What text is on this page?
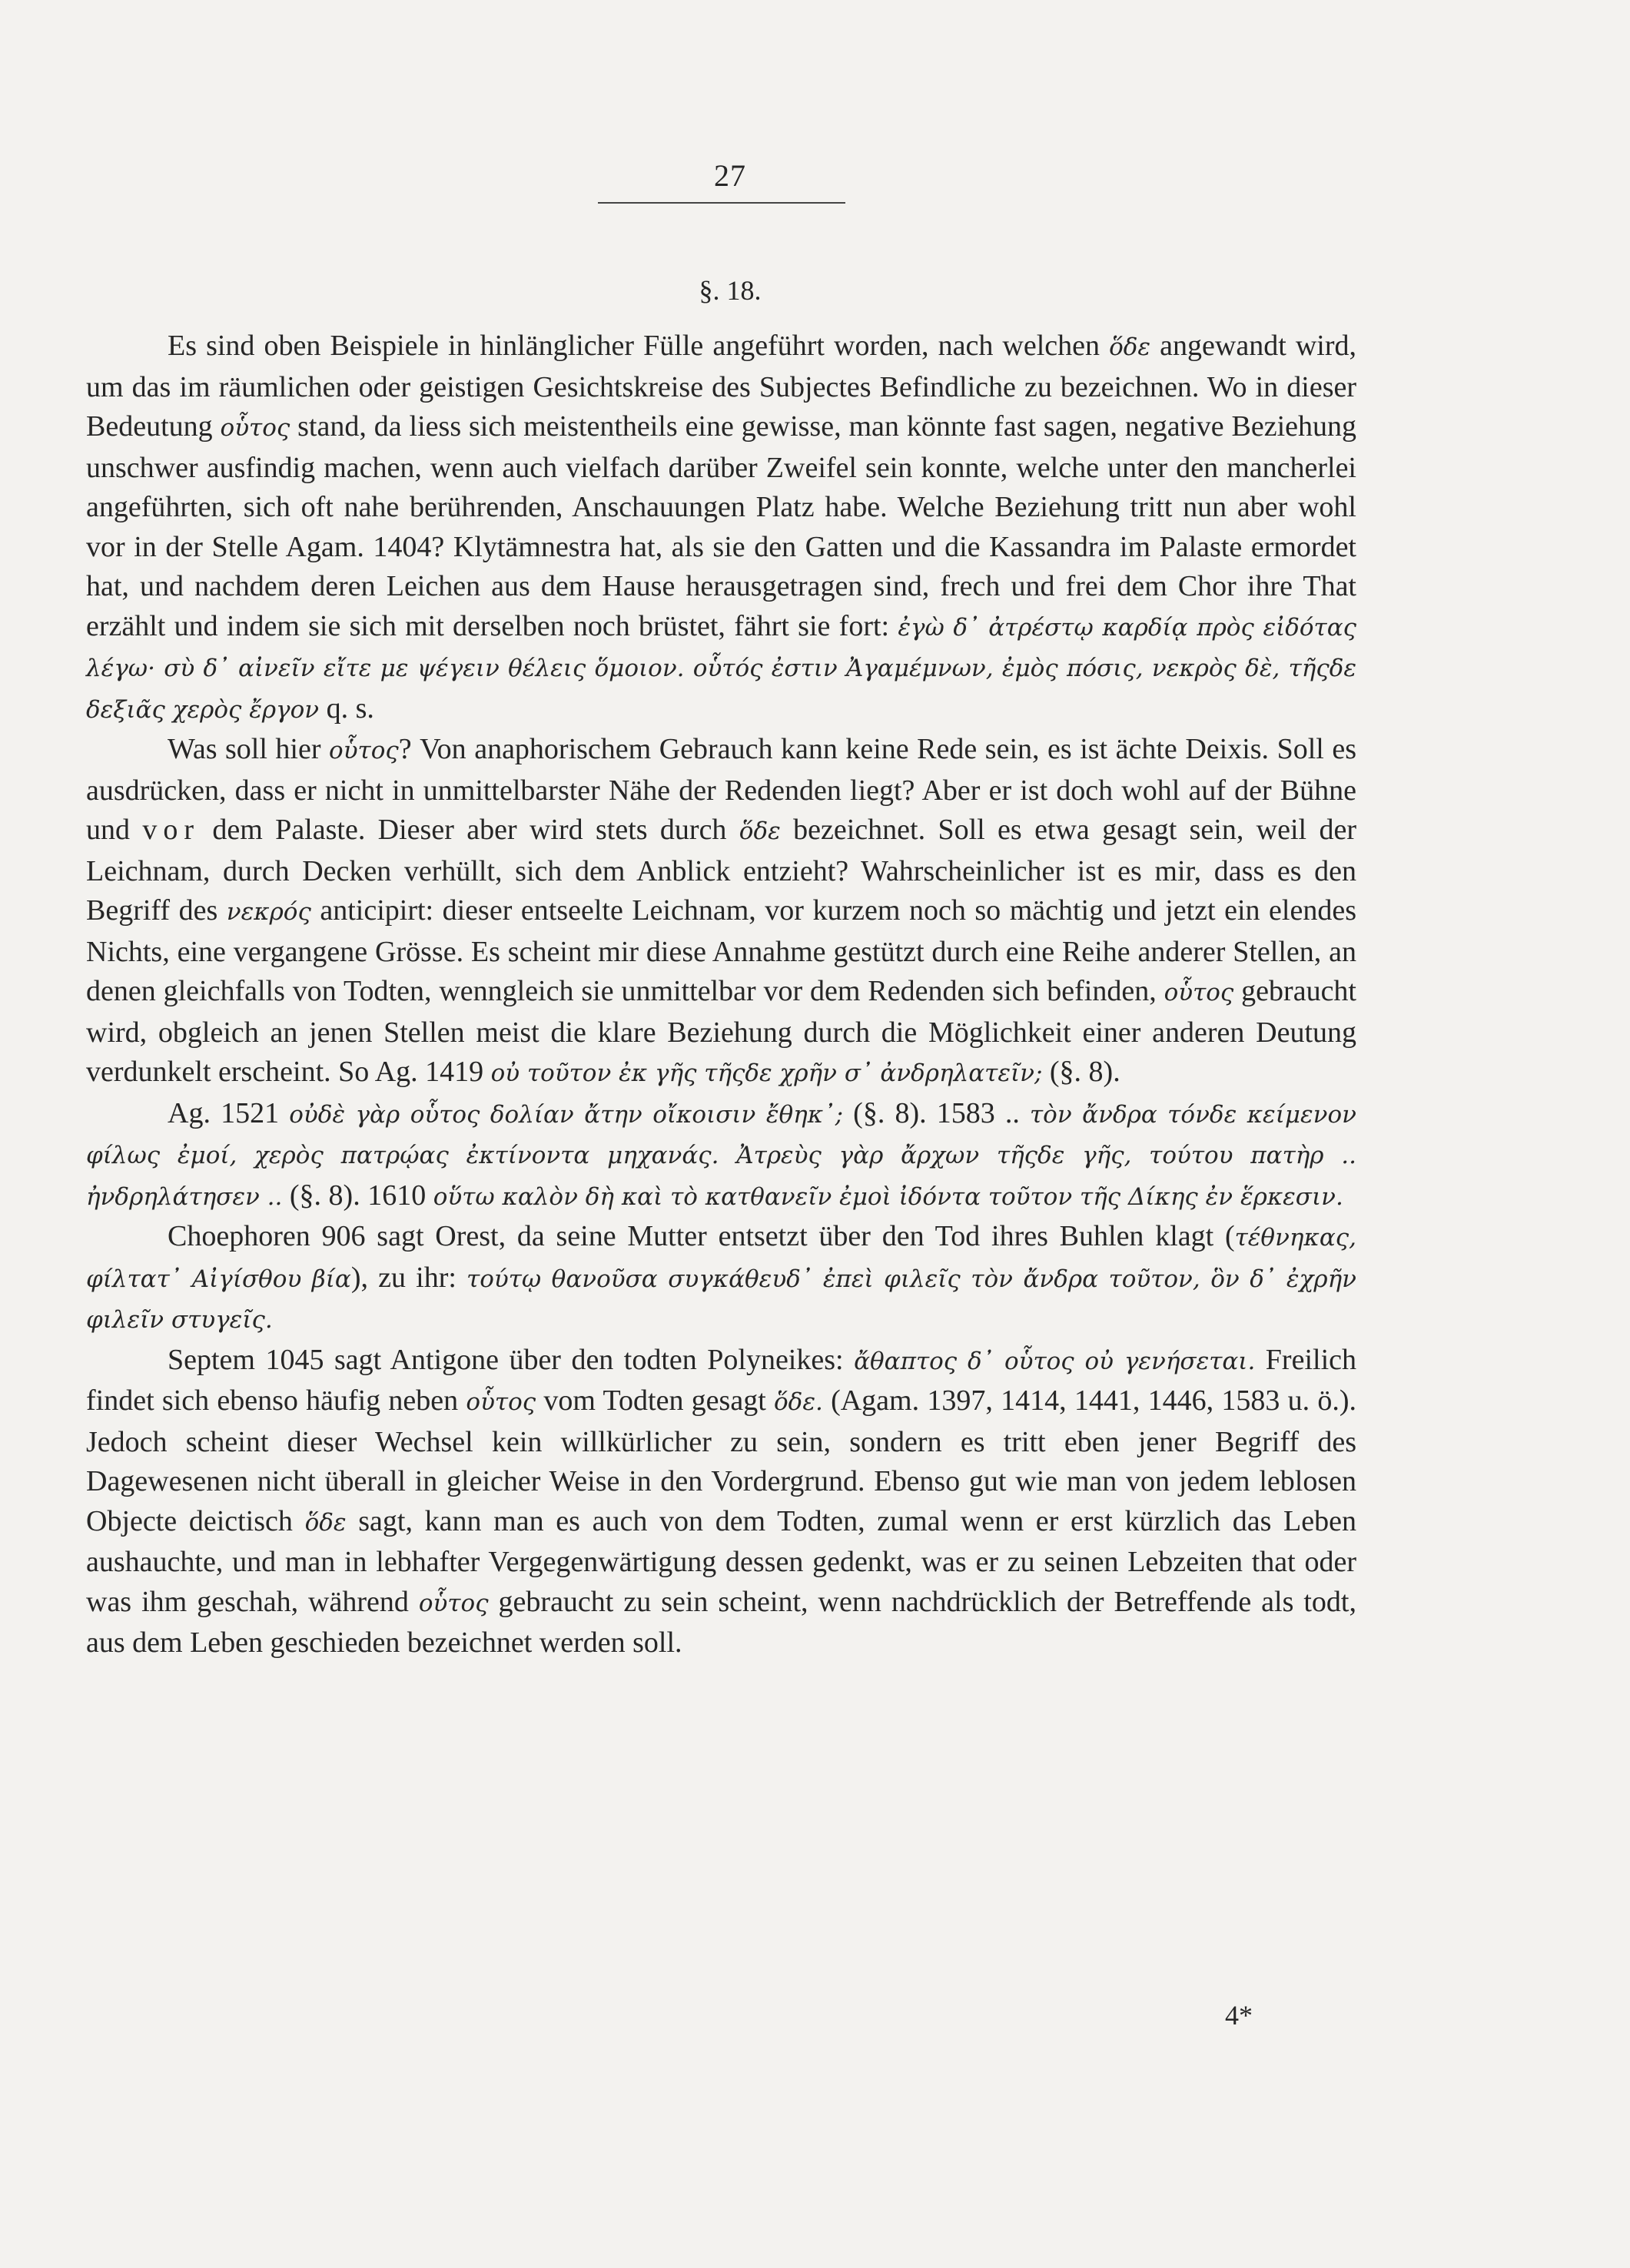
27
§. 18.

Es sind oben Beispiele in hinlänglicher Fülle angeführt worden, nach welchen ὅδε angewandt wird, um das im räumlichen oder geistigen Gesichtskreise des Subjectes Befindliche zu bezeichnen. Wo in dieser Bedeutung οὗτος stand, da liess sich meistentheils eine gewisse, man könnte fast sagen, negative Beziehung unschwer ausfindig machen, wenn auch vielfach darüber Zweifel sein konnte, welche unter den mancherlei angeführten, sich oft nahe berührenden, Anschauungen Platz habe. Welche Beziehung tritt nun aber wohl vor in der Stelle Agam. 1404? Klytämnestra hat, als sie den Gatten und die Kassandra im Palaste ermordet hat, und nachdem deren Leichen aus dem Hause herausgetragen sind, frech und frei dem Chor ihre That erzählt und indem sie sich mit derselben noch brüstet, fährt sie fort: ἐγὼ δ᾽ ἀτρέστῳ καρδίᾳ πρὸς εἰδότας λέγω· σὺ δ᾽ αἰνεῖν εἴτε με ψέγειν θέλεις ὅμοιον. οὗτός ἐστιν Ἀγαμέμνων, ἐμὸς πόσις, νεκρὸς δὲ, τῆςδε δεξιᾶς χερὸς ἔργον q. s.

Was soll hier οὗτος? Von anaphorischem Gebrauch kann keine Rede sein, es ist ächte Deixis. Soll es ausdrücken, dass er nicht in unmittelbarster Nähe der Redenden liegt? Aber er ist doch wohl auf der Bühne und vor dem Palaste. Dieser aber wird stets durch ὅδε bezeichnet. Soll es etwa gesagt sein, weil der Leichnam, durch Decken verhüllt, sich dem Anblick entzieht? Wahrscheinlicher ist es mir, dass es den Begriff des νεκρός anticipirt: dieser entseelte Leichnam, vor kurzem noch so mächtig und jetzt ein elendes Nichts, eine vergangene Grösse. Es scheint mir diese Annahme gestützt durch eine Reihe anderer Stellen, an denen gleichfalls von Todten, wenngleich sie unmittelbar vor dem Redenden sich befinden, οὗτος gebraucht wird, obgleich an jenen Stellen meist die klare Beziehung durch die Möglichkeit einer anderen Deutung verdunkelt erscheint. So Ag. 1419 οὐ τοῦτον ἐκ γῆς τῆςδε χρῆν σ᾽ ἀνδρηλατεῖν; (§. 8).

Ag. 1521 οὐδὲ γὰρ οὗτος δολίαν ἄτην οἴκοισιν ἔθηκ᾽; (§. 8). 1583 .. τὸν ἄνδρα τόνδε κείμενον φίλως ἐμοί, χερὸς πατρῴας ἐκτίνοντα μηχανάς. Ἀτρεὺς γὰρ ἄρχων τῆςδε γῆς, τούτου πατὴρ .. ἠνδρηλάτησεν .. (§. 8). 1610 οὕτω καλὸν δὴ καὶ τὸ κατθανεῖν ἐμοὶ ἰδόντα τοῦτον τῆς Δίκης ἐν ἕρκεσιν.

Choephoren 906 sagt Orest, da seine Mutter entsetzt über den Tod ihres Buhlen klagt (τέθνηκας, φίλτατ᾽ Αἰγίσθου βία), zu ihr: τούτῳ θανοῦσα συγκάθευδ᾽ ἐπεὶ φιλεῖς τὸν ἄνδρα τοῦτον, ὃν δ᾽ ἐχρῆν φιλεῖν στυγεῖς.

Septem 1045 sagt Antigone über den todten Polyneikes: ἄθαπτος δ᾽ οὗτος οὐ γενήσεται. Freilich findet sich ebenso häufig neben οὗτος vom Todten gesagt ὅδε. (Agam. 1397, 1414, 1441, 1446, 1583 u. ö.). Jedoch scheint dieser Wechsel kein willkürlicher zu sein, sondern es tritt eben jener Begriff des Dagewesenen nicht überall in gleicher Weise in den Vordergrund. Ebenso gut wie man von jedem leblosen Objecte deictisch ὅδε sagt, kann man es auch von dem Todten, zumal wenn er erst kürzlich das Leben aushauchte, und man in lebhafter Vergegenwärtigung dessen gedenkt, was er zu seinen Lebzeiten that oder was ihm geschah, während οὗτος gebraucht zu sein scheint, wenn nachdrücklich der Betreffende als todt, aus dem Leben geschieden bezeichnet werden soll.

4*
